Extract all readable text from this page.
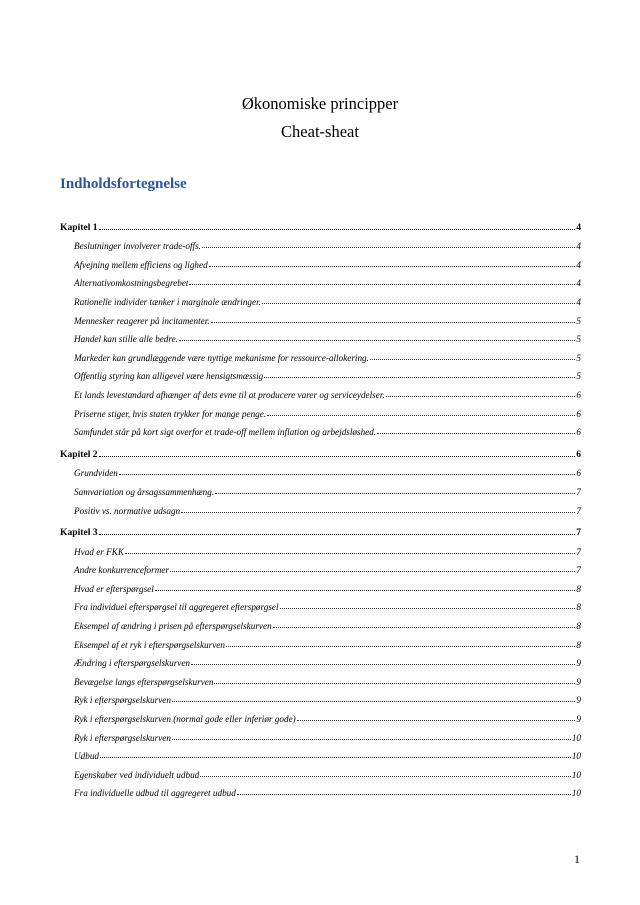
Økonomiske principper
Cheat-sheat
Indholdsfortegnelse
Kapitel 1	4
Beslutninger involverer trade-offs.	4
Afvejning mellem efficiens og lighed	4
Alternativomkostningsbegrebet	4
Rationelle individer tænker i marginale ændringer.	4
Mennesker reagerer på incitamenter.	5
Handel kan stille alle bedre.	5
Markeder kan grundlæggende være nyttige mekanisme for ressource-allokering.	5
Offentlig styring kan alligevel være hensigtsmæssig	5
Et lands levestandard afhænger af dets evne til at producere varer og serviceydelser.	6
Priserne stiger, hvis staten trykker for mange penge.	6
Samfundet står på kort sigt overfor et trade-off mellem inflation og arbejdsløshed.	6
Kapitel 2	6
Grundviden	6
Samvariation og årsagssammenhæng.	7
Positiv vs. normative udsagn	7
Kapitel 3	7
Hvad er FKK	7
Andre konkurrenceformer	7
Hvad er efterspørgsel	8
Fra individuel efterspørgsel til aggregeret efterspørgsel	8
Eksempel af ændring i prisen på efterspørgselskurven	8
Eksempel af et ryk i efterspørgselskurven	8
Ændring i efterspørgselskurven	9
Bevægelse langs efterspørgselskurven	9
Ryk i efterspørgselskurven	9
Ryk i efterspørgselskurven (normal gode eller inferiør gode)	9
Ryk i efterspørgselskurven	10
Udbud	10
Egenskaber ved individuelt udbud	10
Fra individuelle udbud til aggregeret udbud	10
1
